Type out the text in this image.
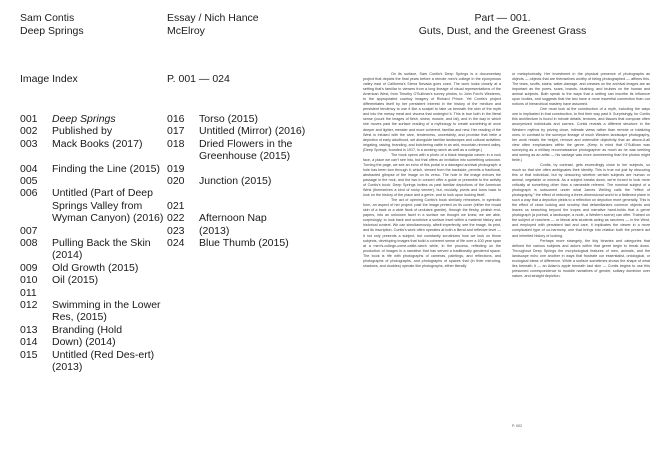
Sam Contis
Deep Springs
Essay / Nich Hance
McElroy
Part — 001.
Guts, Dust, and the Greenest Grass
Image Index	P. 001 — 024
001	Deep Springs
002	Published by
003	Mack Books (2017)
004	Finding the Line (2015)
005
006	Untitled (Part of Deep Springs Valley from Wyman Canyon) (2016)
007
008	Pulling Back the Skin (2014)
009	Old Growth (2015)
010	Oil (2015)
011
012	Swimming in the Lower Res, (2015)
013	Branding (Hold
014	Down) (2014)
015	Untitled (Red Des-ert) (2013)
016	Torso (2015)
017	Untitled (Mirror) (2016)
018	Dried Flowers in the Greenhouse (2015)
019
020	Junction (2015)
021
022	Afternoon Nap
023	(2013)
024	Blue Thumb (2015)

On its surface, Sam Contis's Deep Springs is a documentary project that depicts the final years before a remote men's college in the eponymous valley east of California's Sierra Nevada goes coed. The work looks closely at a setting that's familiar to viewers from a long lineage of visual representations of the American West, from Timothy O'Sullivan's survey photos, to John Ford's Westerns, to the appropriated cowboy imagery of Richard Prince. Yet Contis's project differentiates itself by her persistent interest in the history of the medium and persistent tendency to use it like a scalpel to take us beneath the skin of the myth and into the messy meat and viscera that undergird it. This is true both in the literal sense (count the images of flesh, sinew, muscle, and fat), and in the way in which she moves past the surface reading of a mythology to create something at once deeper and lighter, messier and more coherent, familiar and new. Her reading of the West is infused with the care, tenderness, uncertainty, and promise that belie a depiction of early adulthood, set alongside familiar landscapes and cultural activities: irrigating, raising, branding, and butchering cattle in an arid, mountain-rimmed valley. (Deep Springs, founded in 1917, is a working ranch as well as a college.)

The book opens with a photo of a black triangular cavern in a rock face, a place we can't see into, but that offers an invitation into something unknown. Turning the page, we see an echo of this portal in a damaged archival photograph: a hole has been torn through it, which, viewed from the backside, permits a fractional, abstracted glimpse of the image on its verso. The hole in the image echoes the passage in the rock, and the two in concert offer a guide or preamble to the activity of Contis's book: Deep Springs invites us past familiar depictions of the American West (themselves a kind of rocky veneer), but, crucially, pivots and turns back to look on the history of the place and a genre, and to look upon looking itself.

The act of opening Contis's book similarly rehearses, in symbolic form, an aspect of her project: past the image printed on its cover (either the broad skin of a back or a wide flank of undulant granite), through the fleshy, pinkish end-papers, into an unknown facet in a surface we thought we knew, we are able, surprisingly, to look back and scrutinize a surface inset within a material history and historical context. We can simultaneously, albeit imperfectly, see the image, its print, and its inscription. Contis's work often operates at both a literal and reflexive level — it not only presents a subject, but constantly scrutinizes how we look on those subjects, developing images that build a coherent sense of life over a 100 year span at a men's-college-come-cattle-ranch while, in the process, reflecting on the production of images in a narrative that has served a traditionally gendered space. The book is rife with photographs of cameras, paintings, and reflections, and photographs of photographs, and photographs of spaces that (in their mirroring, shadows, and doubles) operate like photographs, either literally

or metaphorically. Her investment in the physical presence of photographs as objects — objects that are themselves worthy of being photographed — affirms this. The tears, scuffs, stains, water-damage, and creases on the archival images are as important as the pores, scars, brands, blushing, and bruises on the human and animal subjects. Both speak to the ways that a setting can inscribe its influence upon bodies, and suggests that the two have a more essential connection than our notions of hierarchical mastery have assumed.

One must look at the construction of a myth, including the ways one is implicated in that construction, to find their way past it. Surprisingly, for Contis this architecture is found in minute details, textures, and tissues that compose often anonymized individuals and scenes. Contis reveals a different structure in the Western mythos by prizing close, intimate views rather than remote or totalizing ones. In contrast to the surveyor lineage of much Western landscape photography, her work resists the height, remove and ostensible objectivity that an above-it-all view often emphasizes within the genre. (Keep in mind that O'Sullivan was surveying as a military reconnaissance photographer as much as he was seeking and seeing as an artist — his vantage was more domineering than the photos might belie.)

Contis, by contrast, gets exceedingly close to her subjects, so much so that she often ambiguates their identity. This is true not just by obscuring this or that individual, but by obscuring whether certain subjects are human or animal, vegetable or mineral. As a subject breaks down, we're forced to look more critically at something other than a nameable referent. The nominal subject of a photograph is subsumed under what James Welling calls the "effect of photography," the effect of reducing a three-dimensional world to a flattened plane in such a way that a depiction yields to a reflection on depiction more generally. This is the effect of close looking and scrutiny that defamiliarizes common objects and leaves us searching beyond the tropes and narrative hand-holds that a genre photograph (a portrait, a landscape, a nude, a Western scene) can offer. Trained on the subject of ranchers — or liberal arts students acting as ranchers — in the West, and employed with persistent tact and care, it implicates the viewer in a more complicated type of co-harmony, one that brings into relation both the present act and inherited history of looking.

Perhaps more strangely, the tidy binaries and categories that defined the various subjects and actors within that genre begin to break down. Throughout Deep Springs the morphological features of men, animals, and the landscape echo one another in ways that frustrate our essentialist, ontological, or ecological ideas of difference. While a surface sometimes shows the shape of what lies beneath it — an Adam's apple beneath taut skin — Contis begins to use this presumed correspondence to muddle narratives of gender, solitary dominion over nature, and straight depiction.

P. 002
